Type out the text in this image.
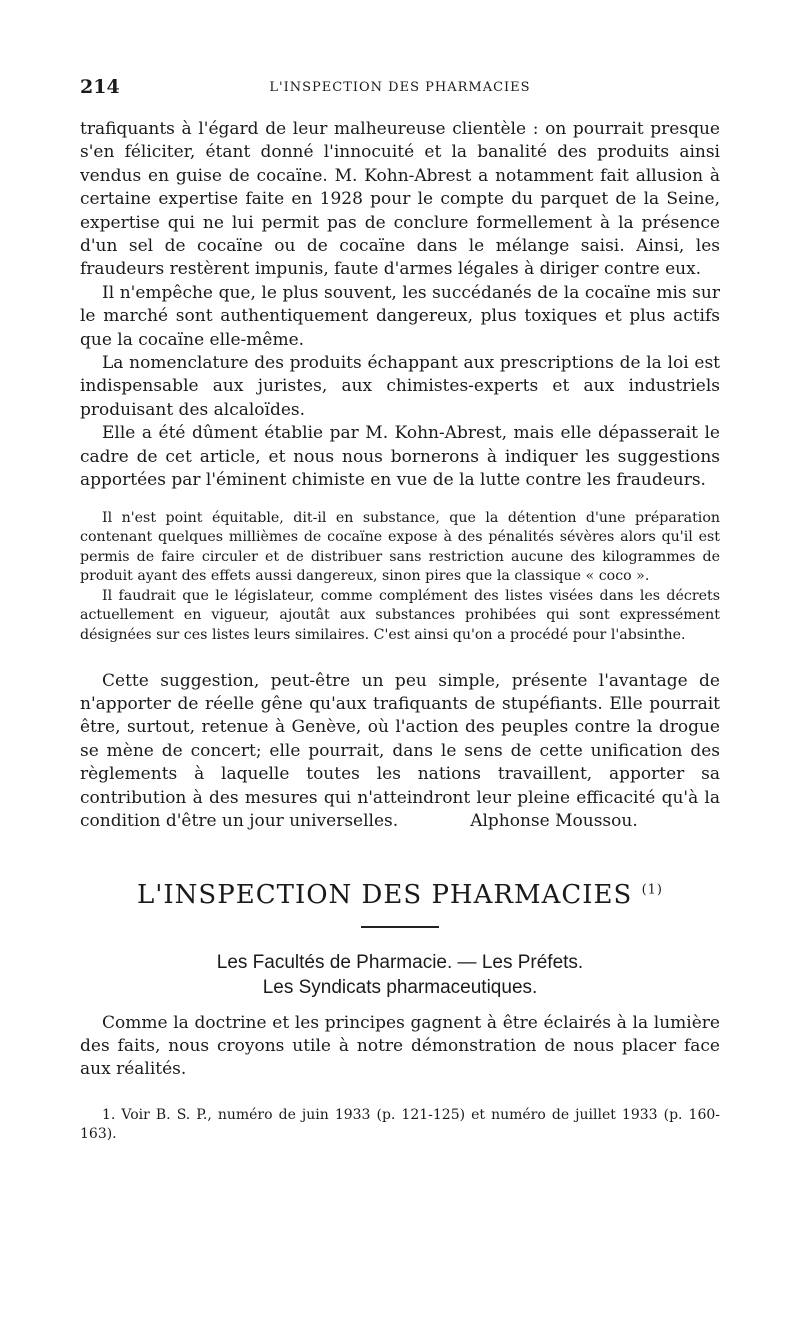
214	L'INSPECTION DES PHARMACIES

trafiquants à l'égard de leur malheureuse clientèle : on pourrait presque s'en féliciter, étant donné l'innocuité et la banalité des produits ainsi vendus en guise de cocaïne. M. Kohn-Abrest a notamment fait allusion à certaine expertise faite en 1928 pour le compte du parquet de la Seine, expertise qui ne lui permit pas de conclure formellement à la présence d'un sel de cocaïne ou de cocaïne dans le mélange saisi. Ainsi, les fraudeurs restèrent impunis, faute d'armes légales à diriger contre eux.

Il n'empêche que, le plus souvent, les succédanés de la cocaïne mis sur le marché sont authentiquement dangereux, plus toxiques et plus actifs que la cocaïne elle-même.

La nomenclature des produits échappant aux prescriptions de la loi est indispensable aux juristes, aux chimistes-experts et aux industriels produisant des alcaloïdes.

Elle a été dûment établie par M. Kohn-Abrest, mais elle dépasserait le cadre de cet article, et nous nous bornerons à indiquer les suggestions apportées par l'éminent chimiste en vue de la lutte contre les fraudeurs.

Il n'est point équitable, dit-il en substance, que la détention d'une préparation contenant quelques millièmes de cocaïne expose à des pénalités sévères alors qu'il est permis de faire circuler et de distribuer sans restriction aucune des kilogrammes de produit ayant des effets aussi dangereux, sinon pires que la classique « coco ».

Il faudrait que le législateur, comme complément des listes visées dans les décrets actuellement en vigueur, ajoutât aux substances prohibées qui sont expressément désignées sur ces listes leurs similaires. C'est ainsi qu'on a procédé pour l'absinthe.

Cette suggestion, peut-être un peu simple, présente l'avantage de n'apporter de réelle gêne qu'aux trafiquants de stupéfiants. Elle pourrait être, surtout, retenue à Genève, où l'action des peuples contre la drogue se mène de concert; elle pourrait, dans le sens de cette unification des règlements à laquelle toutes les nations travaillent, apporter sa contribution à des mesures qui n'atteindront leur pleine efficacité qu'à la condition d'être un jour universelles.	Alphonse Moussou.

L'INSPECTION DES PHARMACIES $^{(1)}$
Les Facultés de Pharmacie. — Les Préfets.
Les Syndicats pharmaceutiques.

Comme la doctrine et les principes gagnent à être éclairés à la lumière des faits, nous croyons utile à notre démonstration de nous placer face aux réalités.

1. Voir B. S. P., numéro de juin 1933 (p. 121-125) et numéro de juillet 1933 (p. 160-163).
